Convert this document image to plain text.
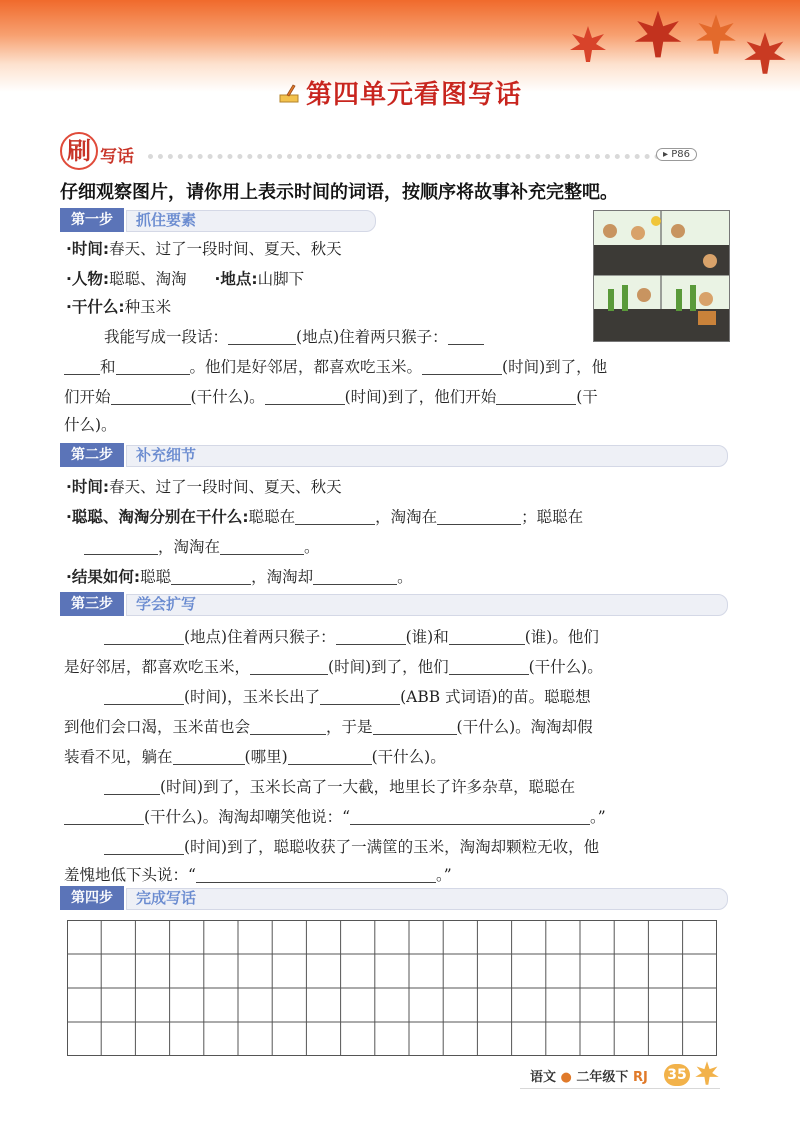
第四单元看图写话
刷 写话	▸ P86
仔细观察图片，请你用上表示时间的词语，按顺序将故事补充完整吧。
第一步	抓住要素
·时间:春天、过了一段时间、夏天、秋天
·人物:聪聪、淘淘 ·地点:山脚下
·干什么:种玉米
我能写成一段话：	(地点)住着两只猴子：
和	。他们是好邻居，都喜欢吃玉米。	(时间)到了，他
们开始	(干什么)。	(时间)到了，他们开始	(干
什么)。
第二步	补充细节
·时间:春天、过了一段时间、夏天、秋天
·聪聪、淘淘分别在干什么:聪聪在	，淘淘在	；聪聪在
，淘淘在	。
·结果如何:聪聪	，淘淘却	。
第三步	学会扩写
(地点)住着两只猴子：	(谁)和	(谁)。他们
是好邻居，都喜欢吃玉米，	(时间)到了，他们	(干什么)。
(时间)，玉米长出了	(ABB 式词语)的苗。聪聪想
到他们会口渴，玉米苗也会	，于是	(干什么)。淘淘却假
装看不见，躺在	(哪里)	(干什么)。
(时间)到了，玉米长高了一大截，地里长了许多杂草，聪聪在
(干什么)。淘淘却嘲笑他说：“	。”
(时间)到了，聪聪收获了一满筐的玉米，淘淘却颗粒无收，他
羞愧地低下头说：“	。”
第四步	完成写话
语文 ● 二年级下 RJ 35
